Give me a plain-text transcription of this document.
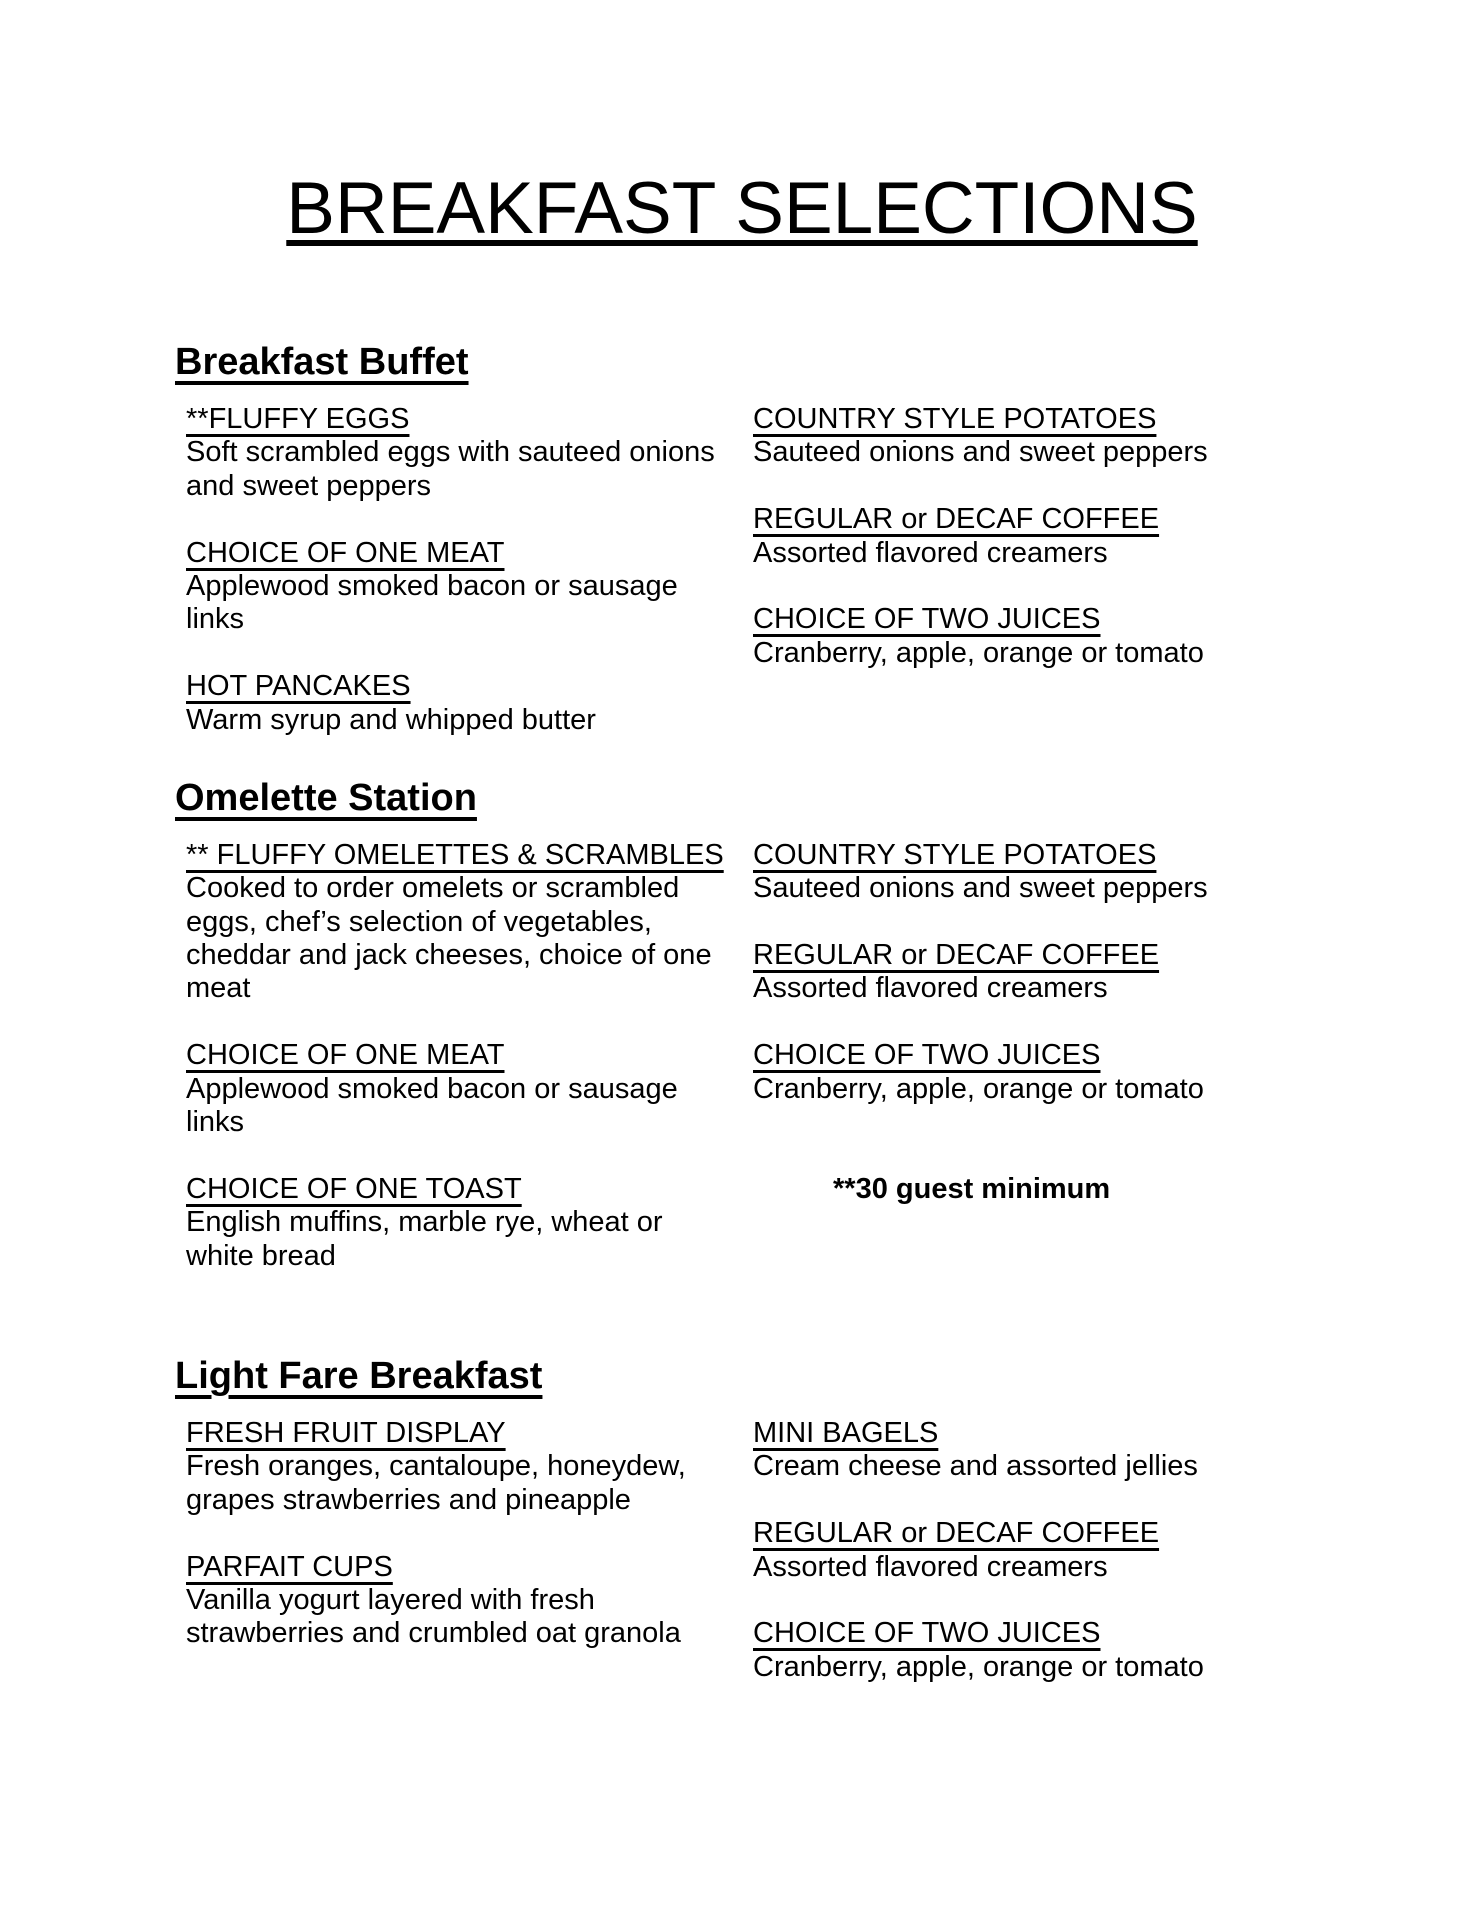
BREAKFAST SELECTIONS
Breakfast Buffet
**FLUFFY EGGS
Soft scrambled eggs with sauteed onions
and sweet peppers
CHOICE OF ONE MEAT
Applewood smoked bacon or sausage
links
HOT PANCAKES
Warm syrup and whipped butter
COUNTRY STYLE POTATOES
Sauteed onions and sweet peppers
REGULAR or DECAF COFFEE
Assorted flavored creamers
CHOICE OF TWO JUICES
Cranberry, apple, orange or tomato
Omelette Station
** FLUFFY OMELETTES & SCRAMBLES
Cooked to order omelets or scrambled
eggs, chef’s selection of vegetables,
cheddar and jack cheeses, choice of one
meat
CHOICE OF ONE MEAT
Applewood smoked bacon or sausage
links
CHOICE OF ONE TOAST
English muffins, marble rye, wheat or
white bread
COUNTRY STYLE POTATOES
Sauteed onions and sweet peppers
REGULAR or DECAF COFFEE
Assorted flavored creamers
CHOICE OF TWO JUICES
Cranberry, apple, orange or tomato
**30 guest minimum
Light Fare Breakfast
FRESH FRUIT DISPLAY
Fresh oranges, cantaloupe, honeydew,
grapes strawberries and pineapple
PARFAIT CUPS
Vanilla yogurt layered with fresh
strawberries and crumbled oat granola
MINI BAGELS
Cream cheese and assorted jellies
REGULAR or DECAF COFFEE
Assorted flavored creamers
CHOICE OF TWO JUICES
Cranberry, apple, orange or tomato
